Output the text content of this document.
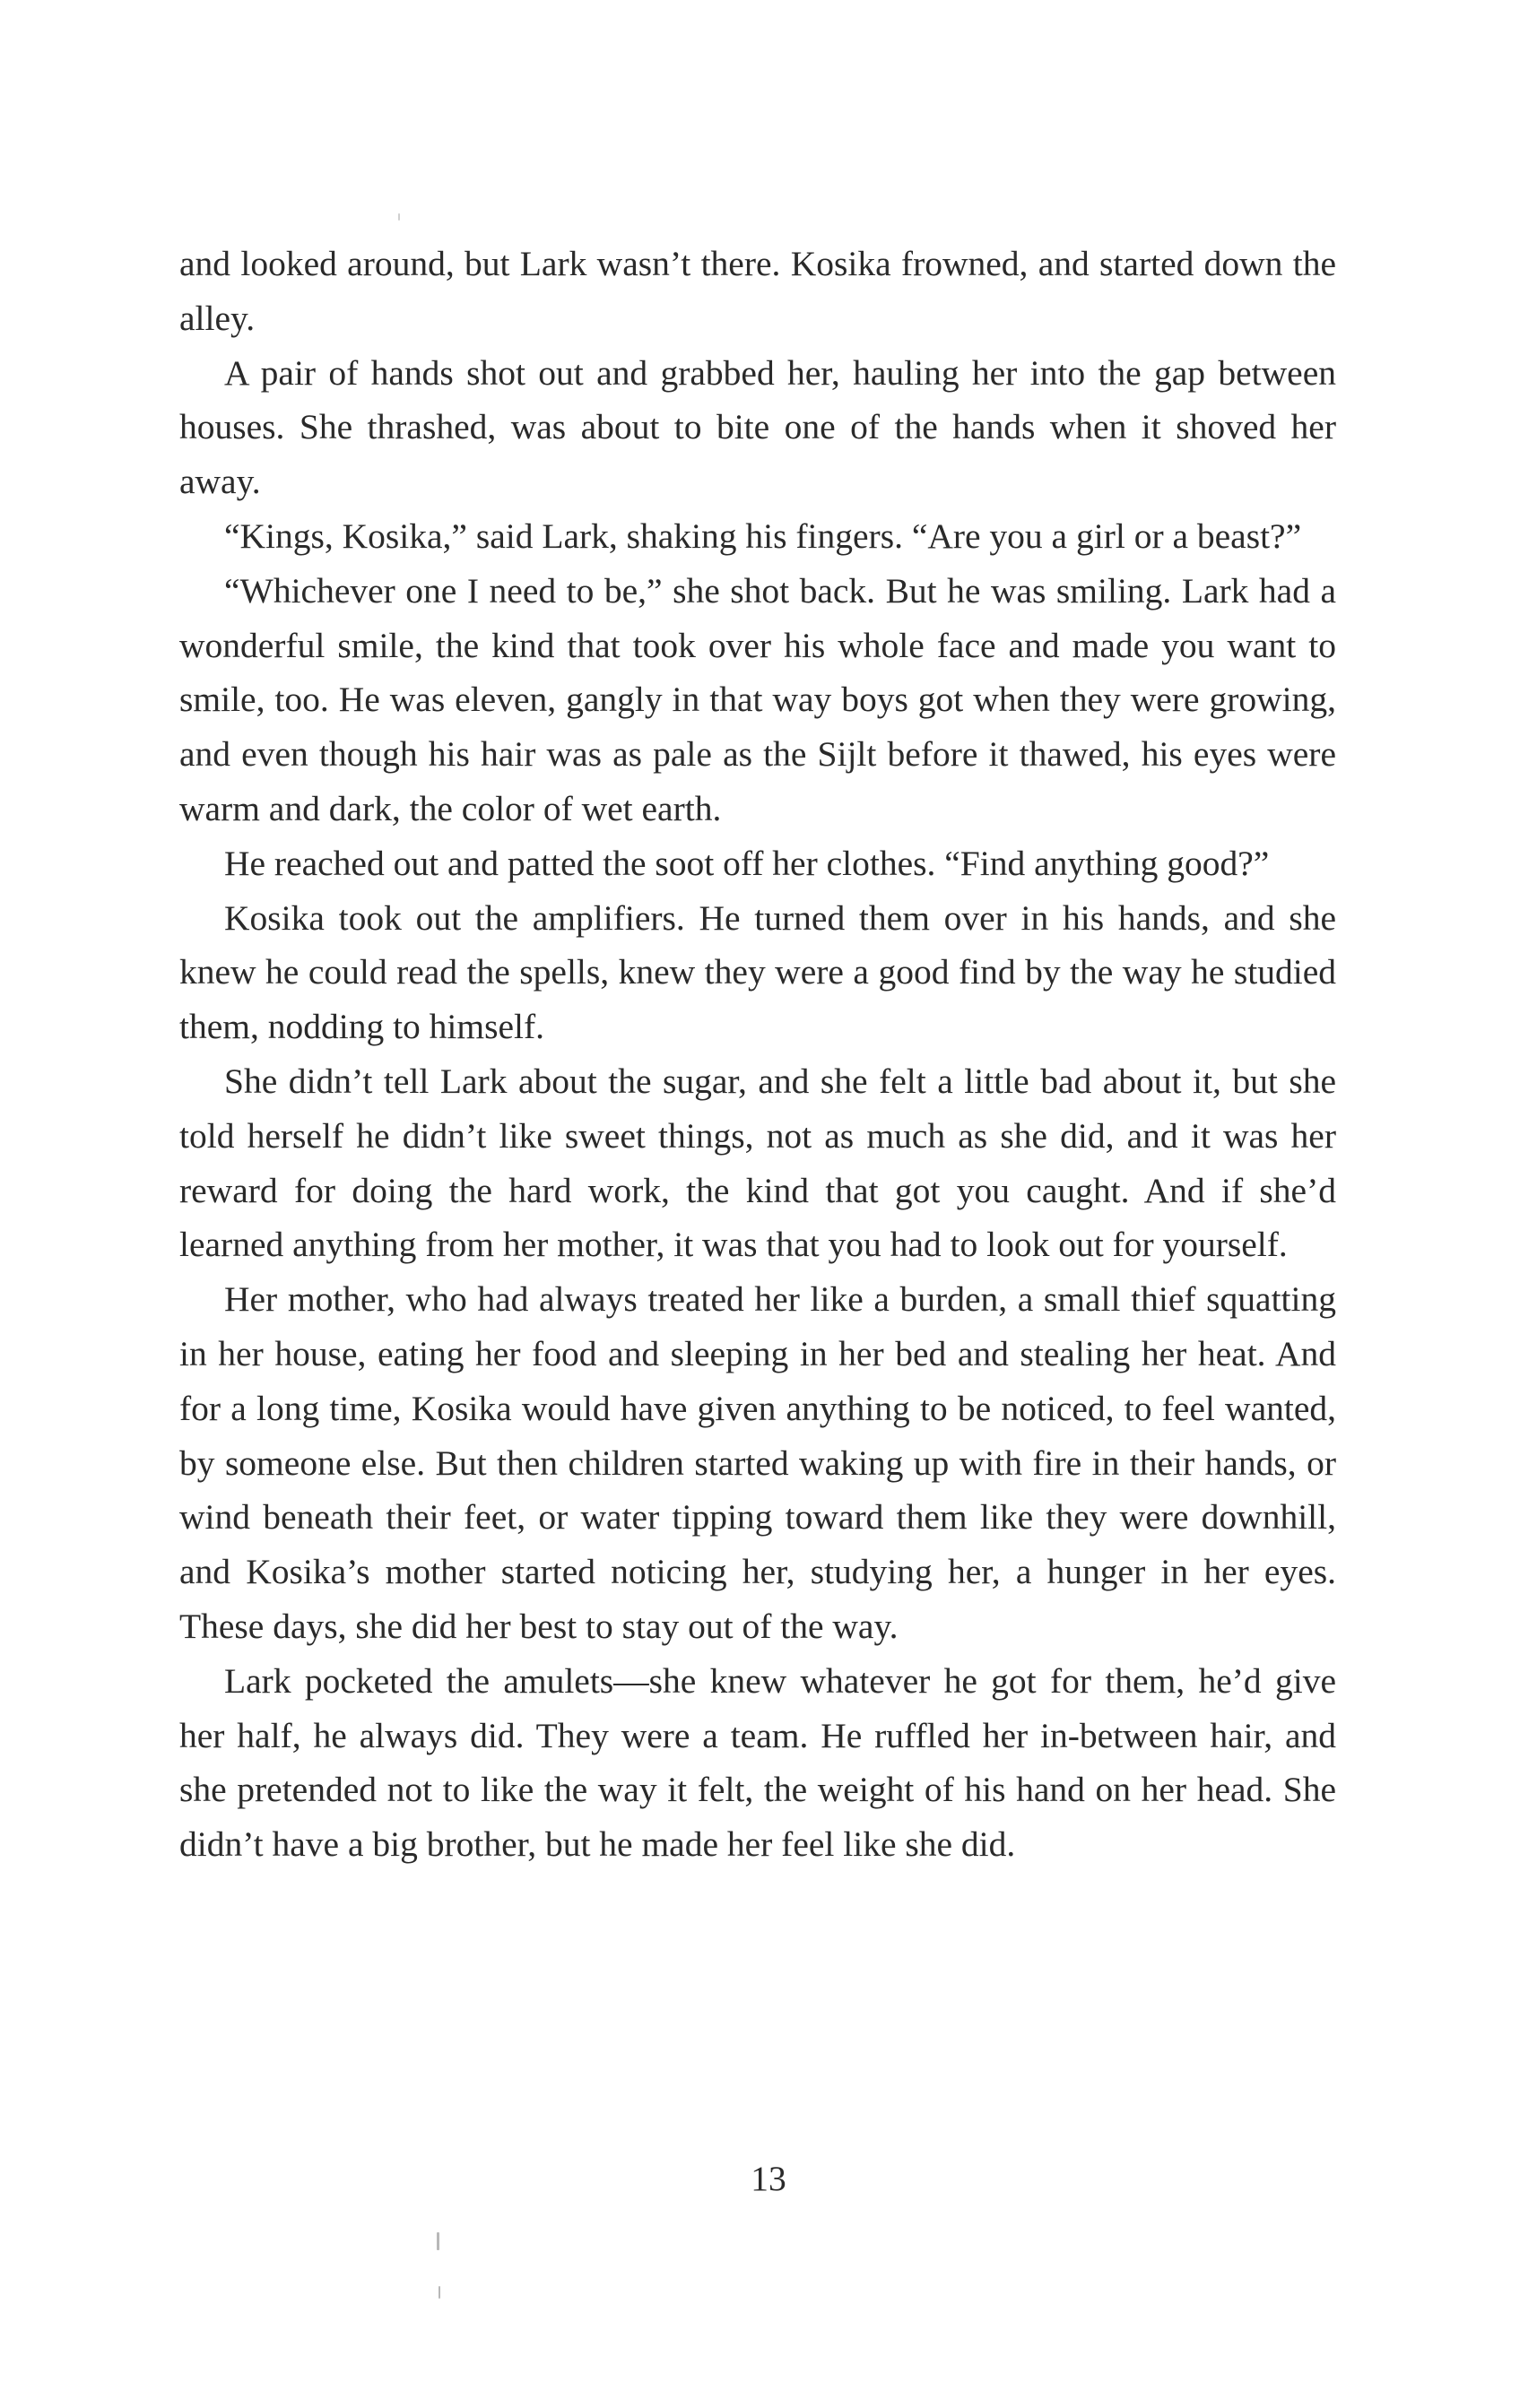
and looked around, but Lark wasn’t there. Kosika frowned, and started down the alley.

A pair of hands shot out and grabbed her, hauling her into the gap between houses. She thrashed, was about to bite one of the hands when it shoved her away.

“Kings, Kosika,” said Lark, shaking his fingers. “Are you a girl or a beast?”

“Whichever one I need to be,” she shot back. But he was smiling. Lark had a wonderful smile, the kind that took over his whole face and made you want to smile, too. He was eleven, gangly in that way boys got when they were growing, and even though his hair was as pale as the Sijlt before it thawed, his eyes were warm and dark, the color of wet earth.

He reached out and patted the soot off her clothes. “Find anything good?”

Kosika took out the amplifiers. He turned them over in his hands, and she knew he could read the spells, knew they were a good find by the way he studied them, nodding to himself.

She didn’t tell Lark about the sugar, and she felt a little bad about it, but she told herself he didn’t like sweet things, not as much as she did, and it was her reward for doing the hard work, the kind that got you caught. And if she’d learned anything from her mother, it was that you had to look out for yourself.

Her mother, who had always treated her like a burden, a small thief squatting in her house, eating her food and sleeping in her bed and stealing her heat. And for a long time, Kosika would have given anything to be noticed, to feel wanted, by someone else. But then children started waking up with fire in their hands, or wind beneath their feet, or water tipping toward them like they were downhill, and Kosika’s mother started noticing her, studying her, a hunger in her eyes. These days, she did her best to stay out of the way.

Lark pocketed the amulets—she knew whatever he got for them, he’d give her half, he always did. They were a team. He ruffled her in-between hair, and she pretended not to like the way it felt, the weight of his hand on her head. She didn’t have a big brother, but he made her feel like she did.

13
